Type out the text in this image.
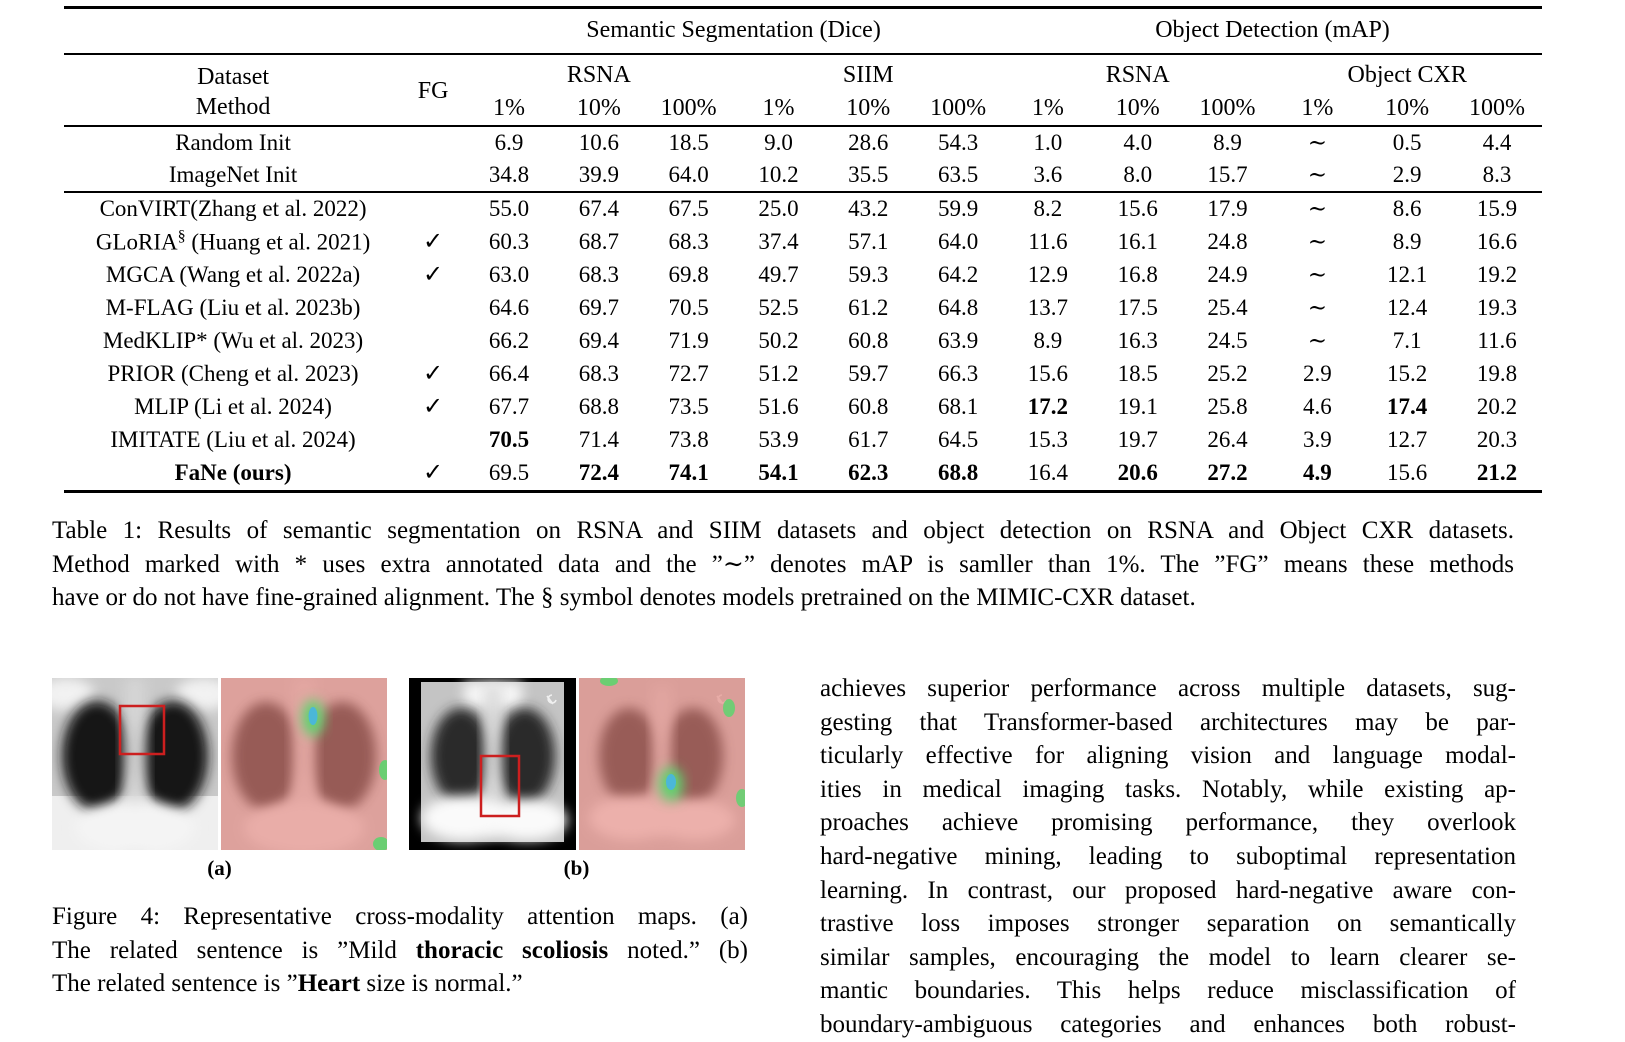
		Semantic Segmentation (Dice)						Object Detection (mAP)					
Dataset
Method	FG	RSNA			SIIM			RSNA			Object CXR		
		1%	10%	100%	1%	10%	100%	1%	10%	100%	1%	10%	100%
Random Init		6.9	10.6	18.5	9.0	28.6	54.3	1.0	4.0	8.9	∼	0.5	4.4
ImageNet Init		34.8	39.9	64.0	10.2	35.5	63.5	3.6	8.0	15.7	∼	2.9	8.3
ConVIRT(Zhang et al. 2022)		55.0	67.4	67.5	25.0	43.2	59.9	8.2	15.6	17.9	∼	8.6	15.9
GLoRIA§ (Huang et al. 2021)	✓	60.3	68.7	68.3	37.4	57.1	64.0	11.6	16.1	24.8	∼	8.9	16.6
MGCA (Wang et al. 2022a)	✓	63.0	68.3	69.8	49.7	59.3	64.2	12.9	16.8	24.9	∼	12.1	19.2
M-FLAG (Liu et al. 2023b)		64.6	69.7	70.5	52.5	61.2	64.8	13.7	17.5	25.4	∼	12.4	19.3
MedKLIP* (Wu et al. 2023)		66.2	69.4	71.9	50.2	60.8	63.9	8.9	16.3	24.5	∼	7.1	11.6
PRIOR (Cheng et al. 2023)	✓	66.4	68.3	72.7	51.2	59.7	66.3	15.6	18.5	25.2	2.9	15.2	19.8
MLIP (Li et al. 2024)	✓	67.7	68.8	73.5	51.6	60.8	68.1	17.2	19.1	25.8	4.6	17.4	20.2
IMITATE (Liu et al. 2024)		70.5	71.4	73.8	53.9	61.7	64.5	15.3	19.7	26.4	3.9	12.7	20.3
FaNe (ours)	✓	69.5	72.4	74.1	54.1	62.3	68.8	16.4	20.6	27.2	4.9	15.6	21.2
Table 1: Results of semantic segmentation on RSNA and SIIM datasets and object detection on RSNA and Object CXR datasets.
Method marked with * uses extra annotated data and the ”∼” denotes mAP is samller than 1%. The ”FG” means these methods
have or do not have fine-grained alignment. The § symbol denotes models pretrained on the MIMIC-CXR dataset.
(a)	(b)
Figure 4: Representative cross-modality attention maps. (a)
The related sentence is ”Mild thoracic scoliosis noted.” (b)
The related sentence is ”Heart size is normal.”
achieves superior performance across multiple datasets, sug-
gesting that Transformer-based architectures may be par-
ticularly effective for aligning vision and language modal-
ities in medical imaging tasks. Notably, while existing ap-
proaches achieve promising performance, they overlook
hard-negative mining, leading to suboptimal representation
learning. In contrast, our proposed hard-negative aware con-
trastive loss imposes stronger separation on semantically
similar samples, encouraging the model to learn clearer se-
mantic boundaries. This helps reduce misclassification of
boundary-ambiguous categories and enhances both robust-
